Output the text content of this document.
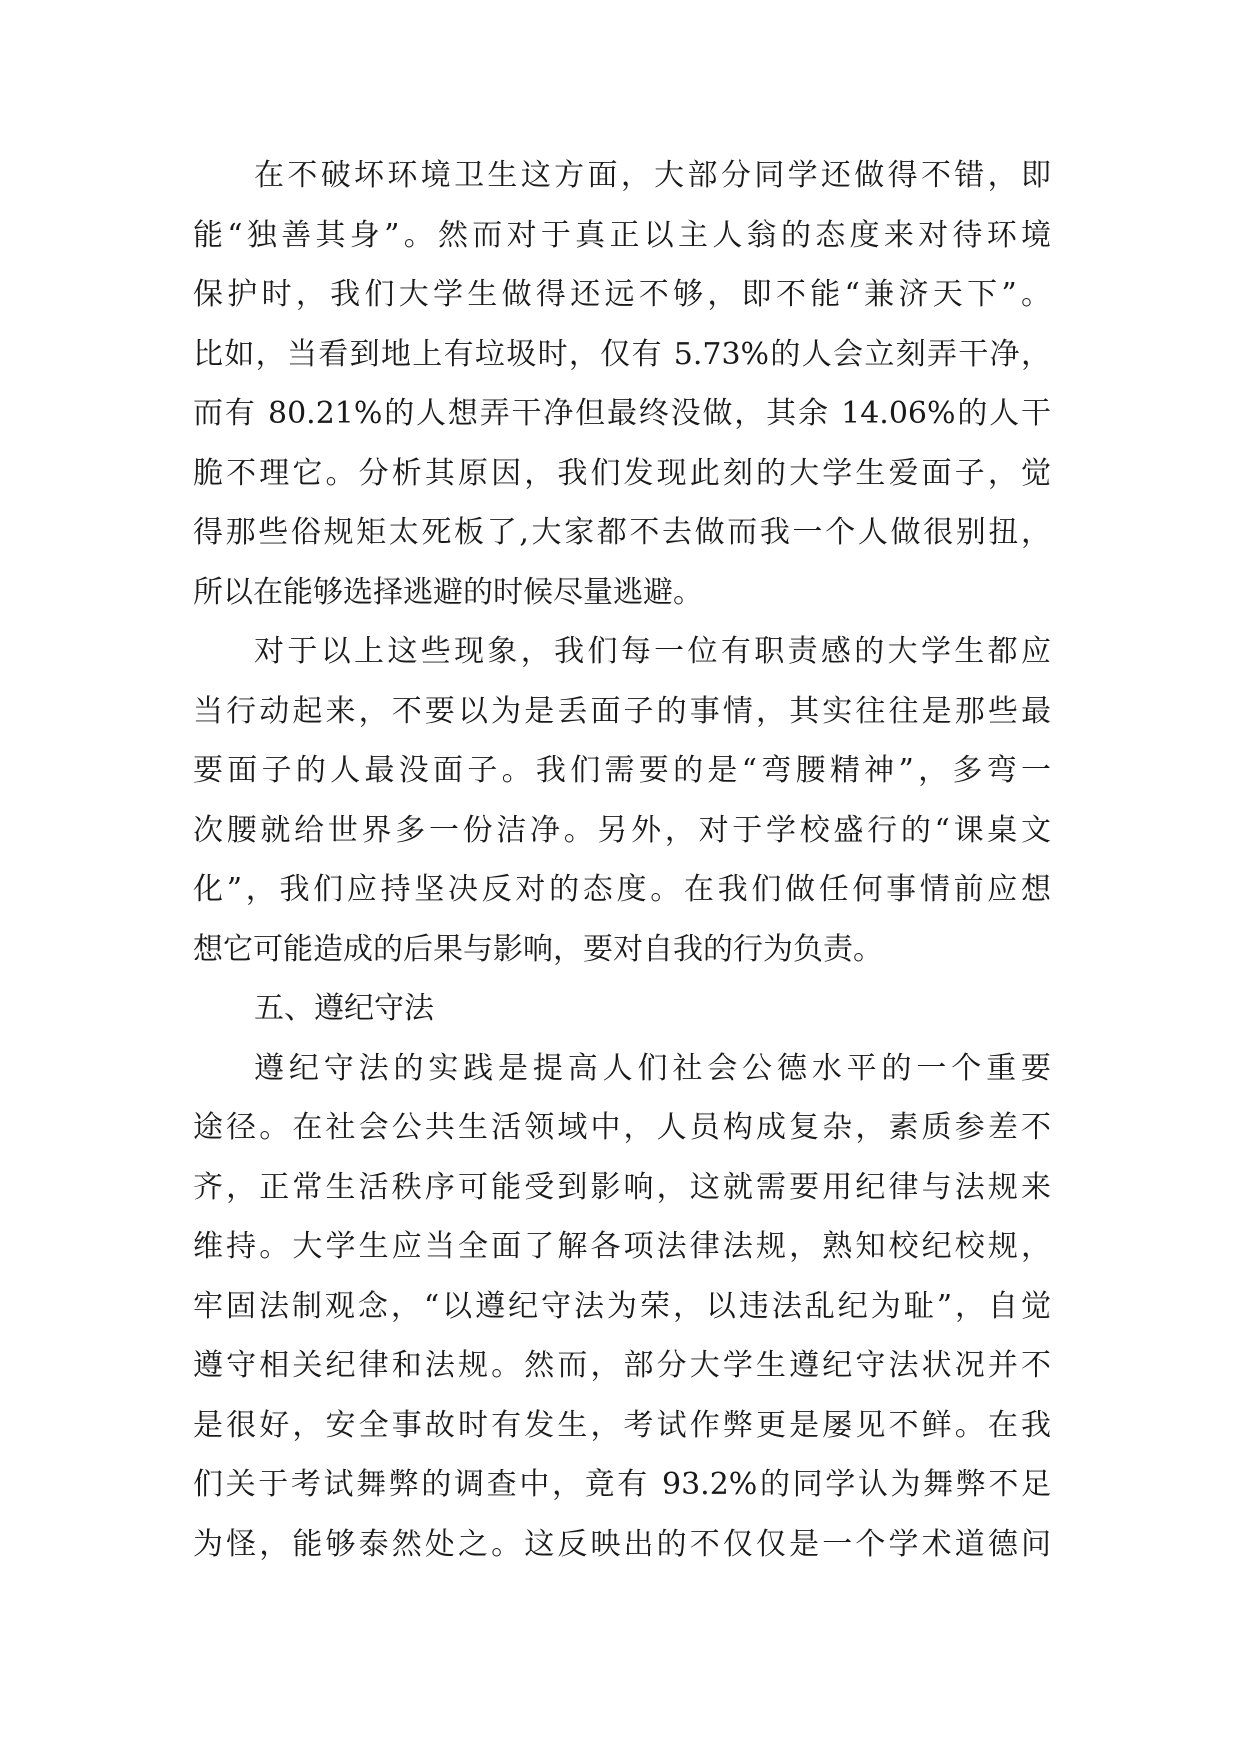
在不破坏环境卫生这方面，大部分同学还做得不错，即
能“独善其身”。然而对于真正以主人翁的态度来对待环境
保护时，我们大学生做得还远不够，即不能“兼济天下”。
比如，当看到地上有垃圾时，仅有 5.73%的人会立刻弄干净，
而有 80.21%的人想弄干净但最终没做，其余 14.06%的人干
脆不理它。分析其原因，我们发现此刻的大学生爱面子，觉
得那些俗规矩太死板了,大家都不去做而我一个人做很别扭，
所以在能够选择逃避的时候尽量逃避。
对于以上这些现象，我们每一位有职责感的大学生都应
当行动起来，不要以为是丢面子的事情，其实往往是那些最
要面子的人最没面子。我们需要的是“弯腰精神”，多弯一
次腰就给世界多一份洁净。另外，对于学校盛行的“课桌文
化”，我们应持坚决反对的态度。在我们做任何事情前应想
想它可能造成的后果与影响，要对自我的行为负责。
五、遵纪守法
遵纪守法的实践是提高人们社会公德水平的一个重要
途径。在社会公共生活领域中，人员构成复杂，素质参差不
齐，正常生活秩序可能受到影响，这就需要用纪律与法规来
维持。大学生应当全面了解各项法律法规，熟知校纪校规，
牢固法制观念，“以遵纪守法为荣，以违法乱纪为耻”，自觉
遵守相关纪律和法规。然而，部分大学生遵纪守法状况并不
是很好，安全事故时有发生，考试作弊更是屡见不鲜。在我
们关于考试舞弊的调查中，竟有 93.2%的同学认为舞弊不足
为怪，能够泰然处之。这反映出的不仅仅是一个学术道德问
